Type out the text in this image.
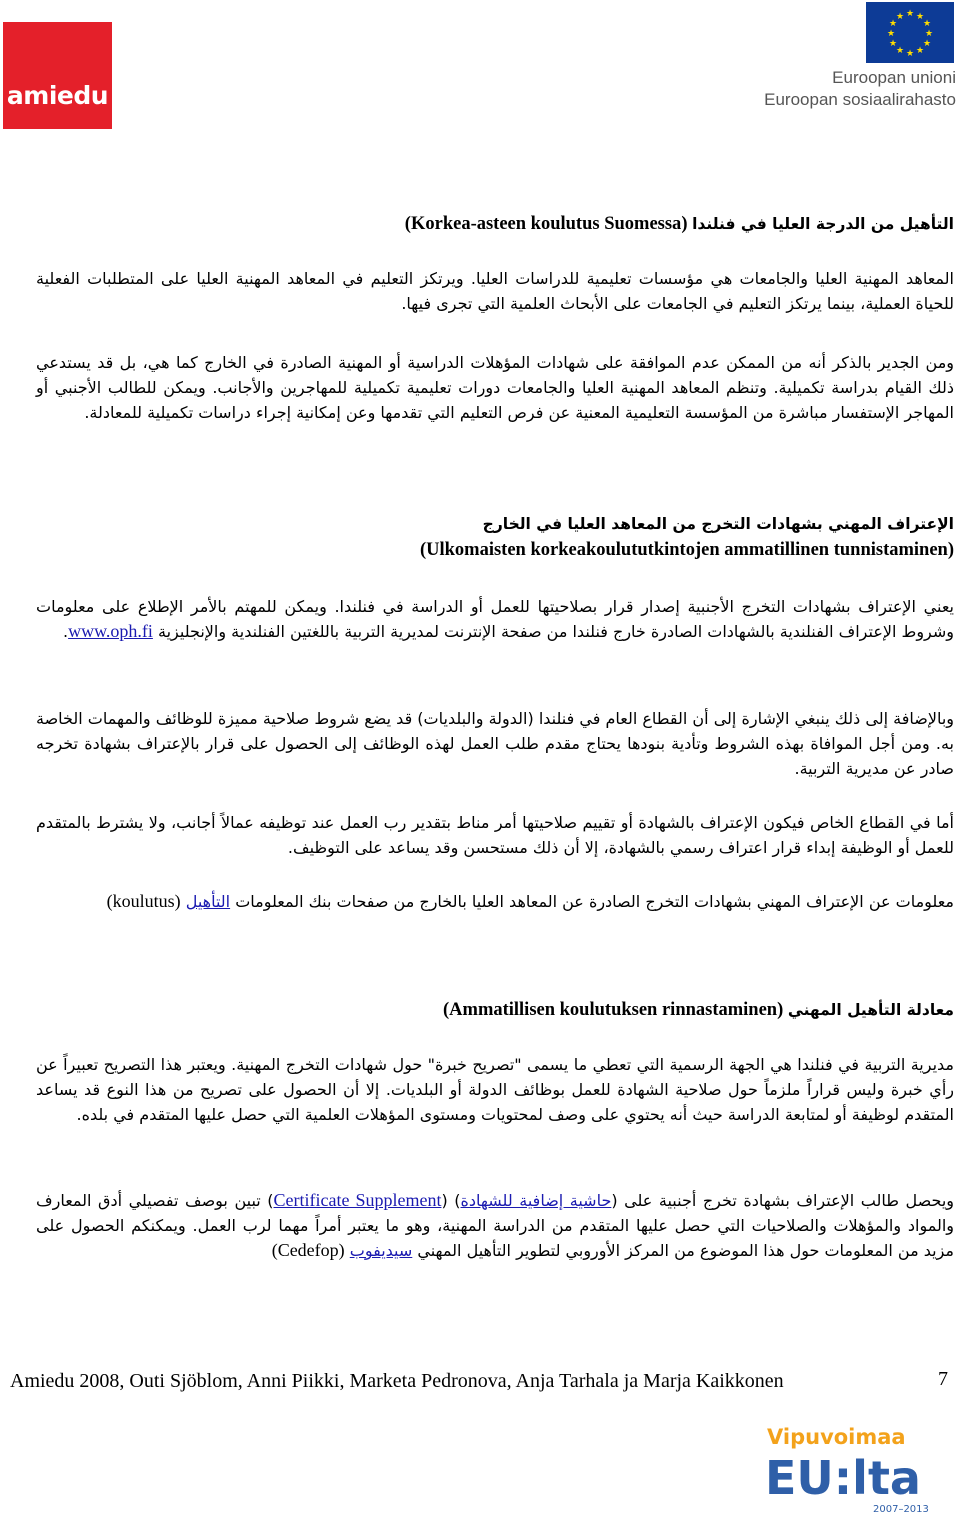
amiedu
★ ★
★
★
★
★
★
★
★
★
★
★
Euroopan unioni
Euroopan sosiaalirahasto
التأهيل من الدرجة العليا في فنلندا (Korkea-asteen koulutus Suomessa)

المعاهد المهنية العليا والجامعات هي مؤسسات تعليمية للدراسات العليا. ويرتكز التعليم في المعاهد المهنية العليا على المتطلبات الفعلية للحياة العملية، بينما يرتكز التعليم في الجامعات على الأبحاث العلمية التي تجرى فيها.

ومن الجدير بالذكر أنه من الممكن عدم الموافقة على شهادات المؤهلات الدراسية أو المهنية الصادرة في الخارج كما هي، بل قد يستدعي ذلك القيام بدراسة تكميلية. وتنظم المعاهد المهنية العليا والجامعات دورات تعليمية تكميلية للمهاجرين والأجانب. ويمكن للطالب الأجنبي أو المهاجر الإستفسار مباشرة من المؤسسة التعليمية المعنية عن فرص التعليم التي تقدمها وعن إمكانية إجراء دراسات تكميلية للمعادلة.

الإعتراف المهني بشهادات التخرج من المعاهد العليا في الخارج
(Ulkomaisten korkeakoulututkintojen ammatillinen tunnistaminen)

يعني الإعتراف بشهادات التخرج الأجنبية إصدار قرار بصلاحيتها للعمل أو الدراسة في فنلندا. ويمكن للمهتم بالأمر الإطلاع على معلومات وشروط الإعتراف الفنلندية بالشهادات الصادرة خارج فنلندا من صفحة الإنترنت لمديرية التربية باللغتين الفنلندية والإنجليزية www.oph.fi.

وبالإضافة إلى ذلك ينبغي الإشارة إلى أن القطاع العام في فنلندا (الدولة والبلديات) قد يضع شروط صلاحية مميزة للوظائف والمهمات الخاصة به. ومن أجل الموافاة بهذه الشروط وتأدية بنودها يحتاج مقدم طلب العمل لهذه الوظائف إلى الحصول على قرار بالإعتراف بشهادة تخرجه صادر عن مديرية التربية.

أما في القطاع الخاص فيكون الإعتراف بالشهادة أو تقييم صلاحيتها أمر مناط بتقدير رب العمل عند توظيفه عمالاً أجانب، ولا يشترط بالمتقدم للعمل أو الوظيفة إبداء قرار اعتراف رسمي بالشهادة، إلا أن ذلك مستحسن وقد يساعد على التوظيف.

معلومات عن الإعتراف المهني بشهادات التخرج الصادرة عن المعاهد العليا بالخارج من صفحات بنك المعلومات التأهيل (koulutus)

معادلة التأهيل المهني (Ammatillisen koulutuksen rinnastaminen)

مديرية التربية في فنلندا هي الجهة الرسمية التي تعطي ما يسمى "تصريح خبرة" حول شهادات التخرج المهنية. ويعتبر هذا التصريح تعبيراً عن رأي خبرة وليس قراراً ملزماً حول صلاحية الشهادة للعمل بوظائف الدولة أو البلديات. إلا أن الحصول على تصريح من هذا النوع قد يساعد المتقدم لوظيفة أو لمتابعة الدراسة حيث أنه يحتوي على وصف لمحتويات ومستوى المؤهلات العلمية التي حصل عليها المتقدم في بلده.

ويحصل طالب الإعتراف بشهادة تخرج أجنبية على (حاشية إضافية للشهادة) (Certificate Supplement) تبين بوصف تفصيلي أدق المعارف والمواد والمؤهلات والصلاحيات التي حصل عليها المتقدم من الدراسة المهنية، وهو ما يعتبر أمراً مهما لرب العمل. ويمكنكم الحصول على مزيد من المعلومات حول هذا الموضوع من المركز الأوروبي لتطوير التأهيل المهني سيديفوب (Cedefop)

Amiedu 2008, Outi Sjöblom, Anni Piikki, Marketa Pedronova, Anja Tarhala ja Marja Kaikkonen	7
Vipuvoimaa
EU:lta
2007–2013
